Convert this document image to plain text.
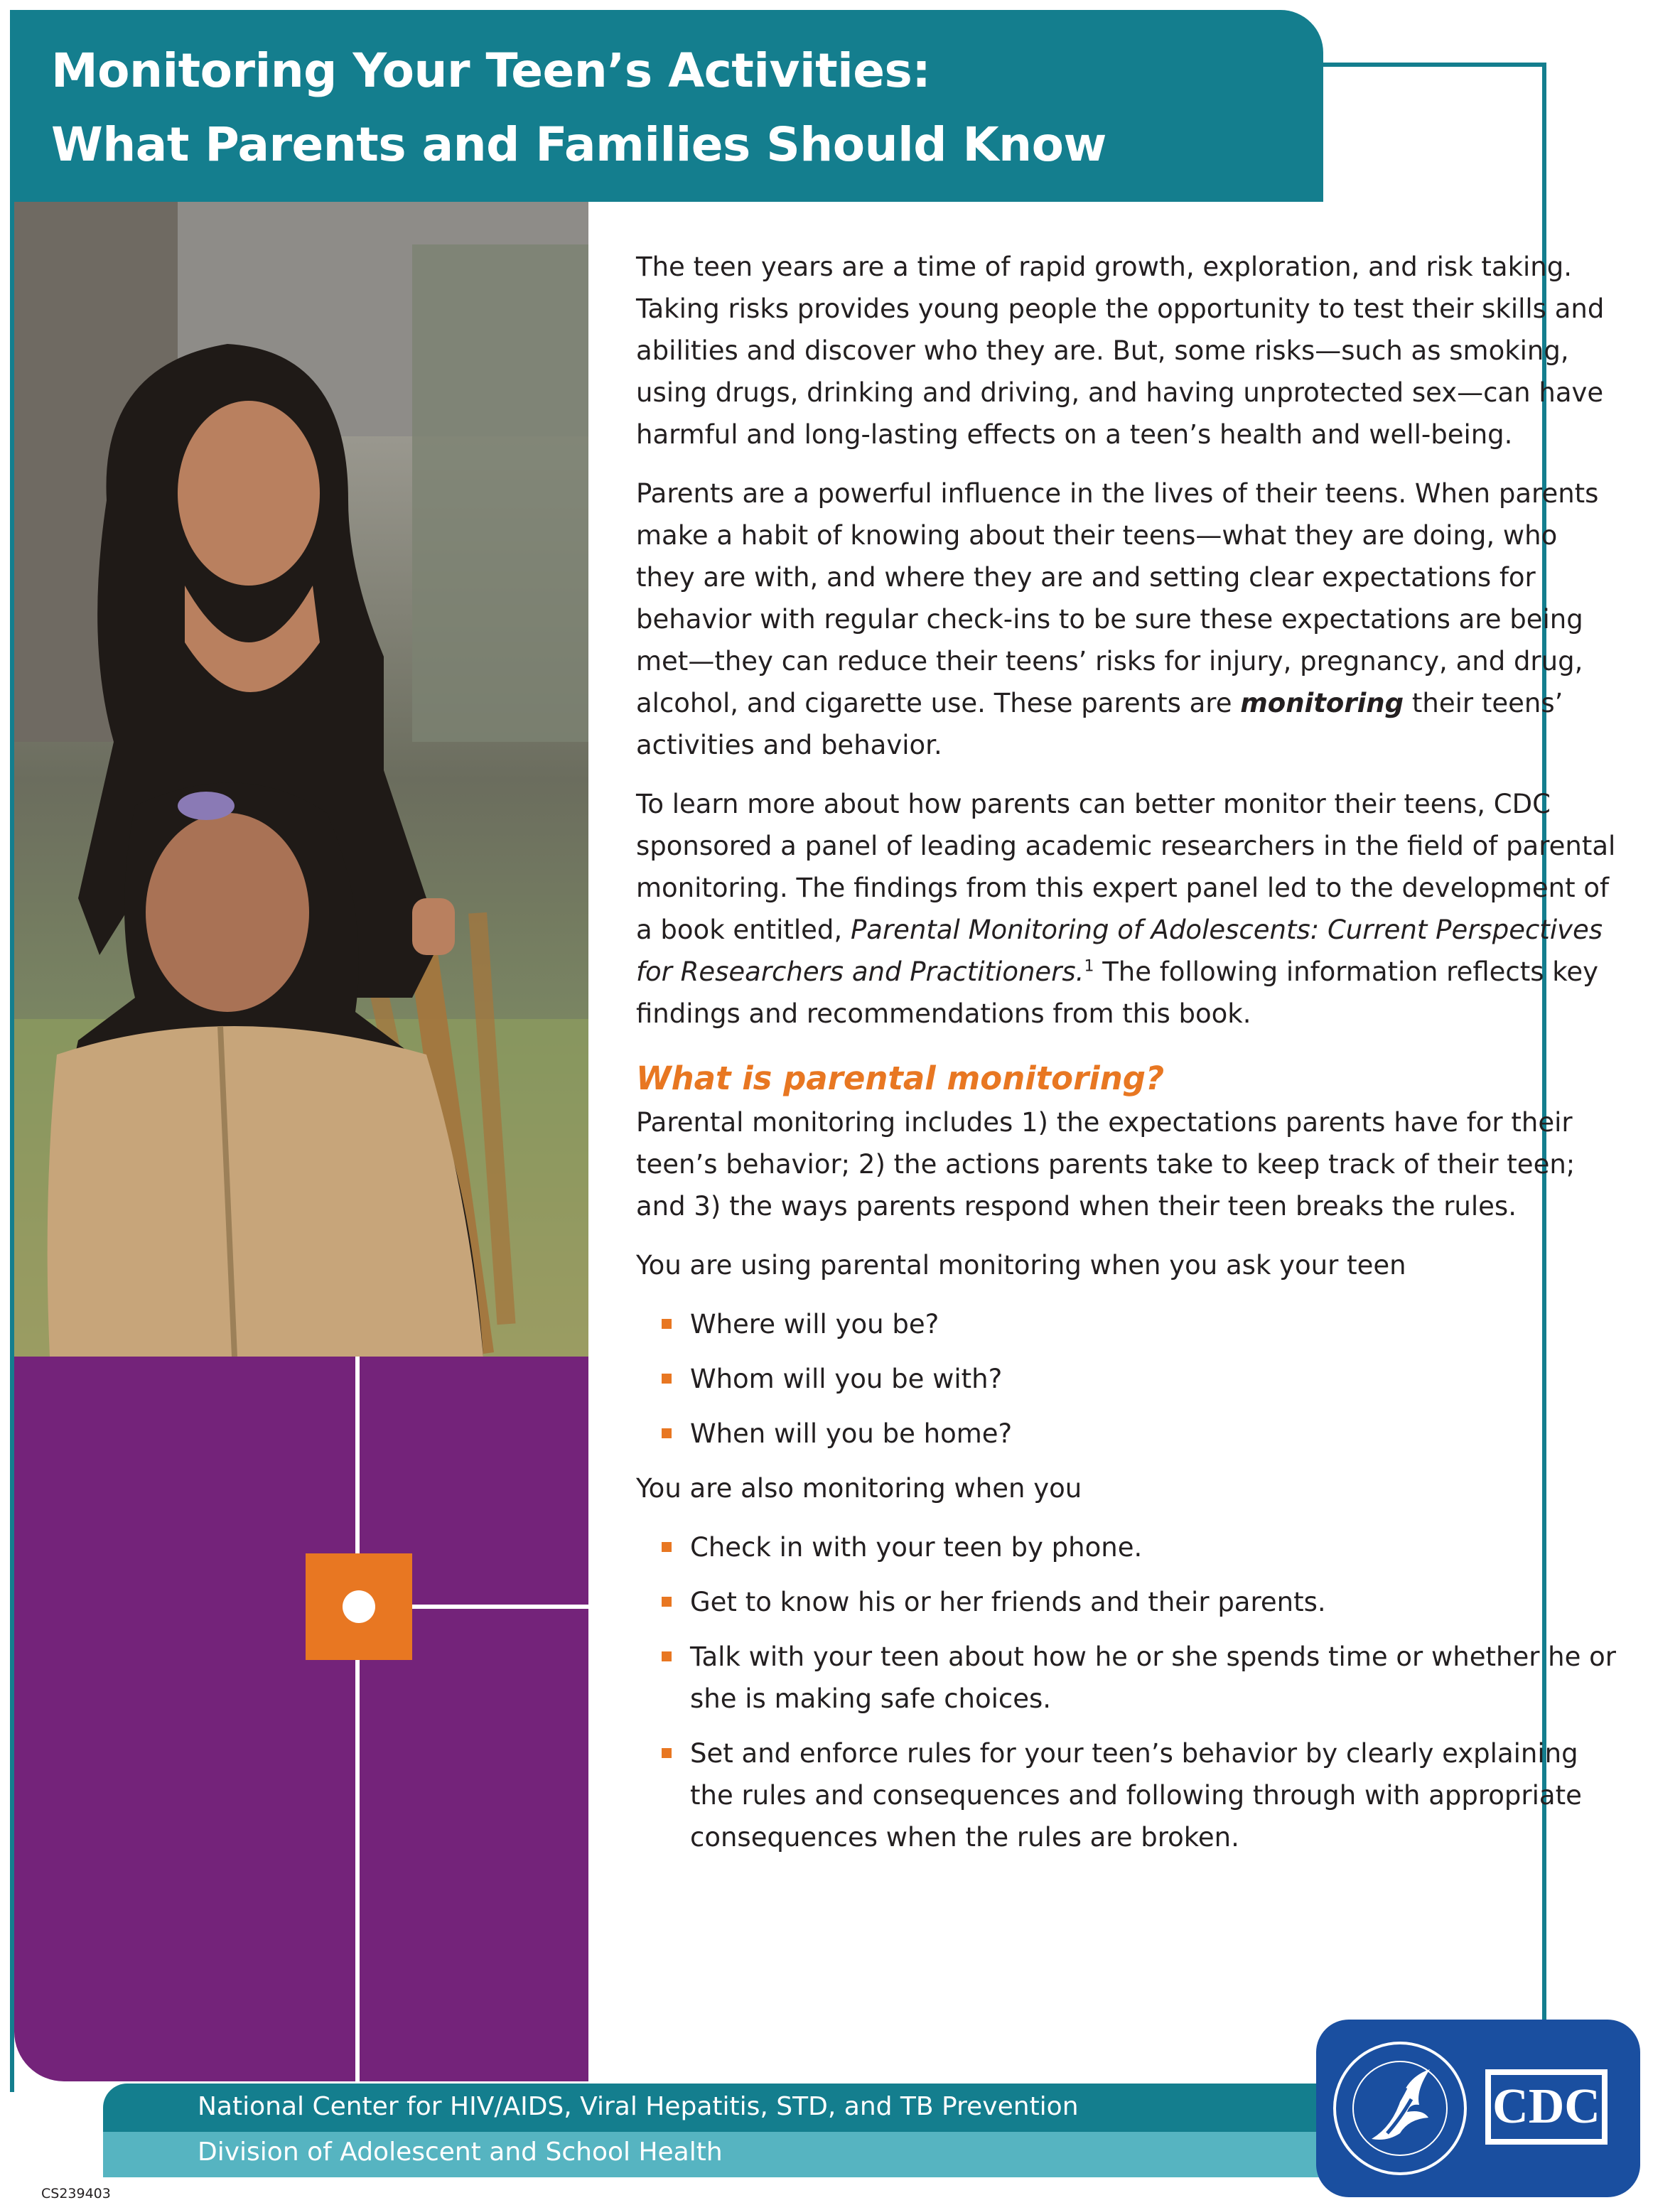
Monitoring Your Teen’s Activities:
What Parents and Families Should Know

The teen years are a time of rapid growth, exploration, and risk taking. Taking risks provides young people the opportunity to test their skills and abilities and discover who they are. But, some risks—such as smoking, using drugs, drinking and driving, and having unprotected sex—can have harmful and long-lasting effects on a teen’s health and well-being.

Parents are a powerful influence in the lives of their teens. When parents make a habit of knowing about their teens—what they are doing, who they are with, and where they are and setting clear expectations for behavior with regular check-ins to be sure these expectations are being met—they can reduce their teens’ risks for injury, pregnancy, and drug, alcohol, and cigarette use. These parents are monitoring their teens’ activities and behavior.

To learn more about how parents can better monitor their teens, CDC sponsored a panel of leading academic researchers in the field of parental monitoring. The findings from this expert panel led to the development of a book entitled, Parental Monitoring of Adolescents: Current Perspectives for Researchers and Practitioners.$^1$ The following information reflects key findings and recommendations from this book.

What is parental monitoring?

Parental monitoring includes 1) the expectations parents have for their teen’s behavior; 2) the actions parents take to keep track of their teen; and 3) the ways parents respond when their teen breaks the rules.

You are using parental monitoring when you ask your teen

Where will you be?
Whom will you be with?
When will you be home?

You are also monitoring when you

Check in with your teen by phone.
Get to know his or her friends and their parents.
Talk with your teen about how he or she spends time or whether he or she is making safe choices.
Set and enforce rules for your teen’s behavior by clearly explaining the rules and consequences and following through with appropriate consequences when the rules are broken.
National Center for HIV/AIDS, Viral Hepatitis, STD, and TB Prevention
Division of Adolescent and School Health
CDC
CS239403
